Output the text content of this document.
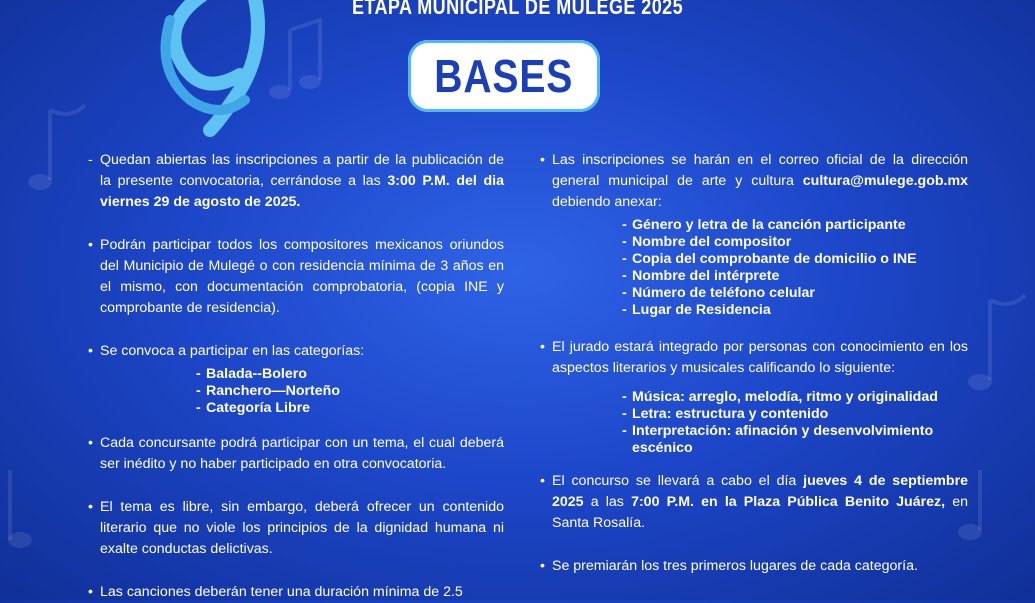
ETAPA MUNICIPAL DE MULEGE 2025
BASES
- Quedan abiertas las inscripciones a partir de la publicación de la presente convocatoria, cerrándose a las 3:00 P.M. del dia viernes 29 de agosto de 2025.
• Podrán participar todos los compositores mexicanos oriundos del Municipio de Mulegé o con residencia mínima de 3 años en el mismo, con documentación comprobatoria, (copia INE y comprobante de residencia).
• Se convoca a participar en las categorías:
- Balada--Bolero
- Ranchero—Norteño
- Categoría Libre
• Cada concursante podrá participar con un tema, el cual deberá ser inédito y no haber participado en otra convocatoria.
• El tema es libre, sin embargo, deberá ofrecer un contenido literario que no viole los principios de la dignidad humana ni exalte conductas delictivas.
• Las canciones deberán tener una duración mínima de 2.5
• Las inscripciones se harán en el correo oficial de la dirección general municipal de arte y cultura cultura@mulege.gob.mx debiendo anexar:
- Género y letra de la canción participante
- Nombre del compositor
- Copia del comprobante de domicilio o INE
- Nombre del intérprete
- Número de teléfono celular
- Lugar de Residencia
• El jurado estará integrado por personas con conocimiento en los aspectos literarios y musicales calificando lo siguiente:
- Música: arreglo, melodía, ritmo y originalidad
- Letra: estructura y contenido
- Interpretación: afinación y desenvolvimiento escénico
• El concurso se llevará a cabo el día jueves 4 de septiembre 2025 a las 7:00 P.M. en la Plaza Pública Benito Juárez, en Santa Rosalía.
• Se premiarán los tres primeros lugares de cada categoría.
